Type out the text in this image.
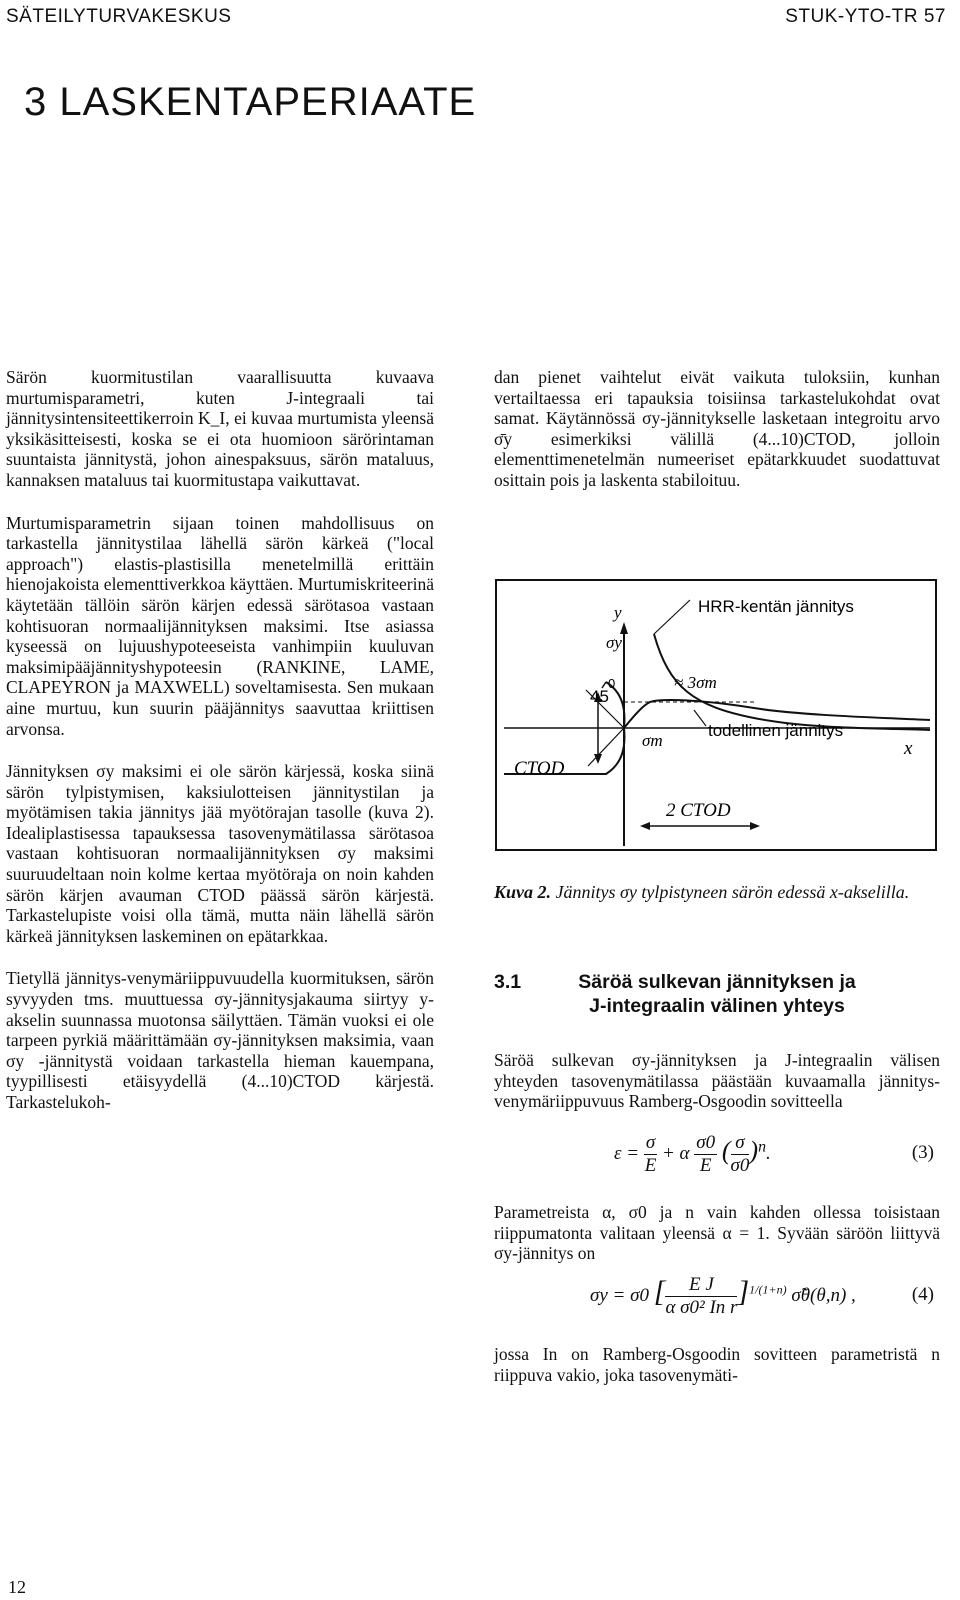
SÄTEILYTURVAKESKUS	STUK-YTO-TR 57
3 LASKENTAPERIAATE

Särön kuormitustilan vaarallisuutta kuvaava murtumisparametri, kuten J-integraali tai jännitysintensiteettikerroin K_I, ei kuvaa murtumista yleensä yksikäsitteisesti, koska se ei ota huomioon särörintaman suuntaista jännitystä, johon ainespaksuus, särön mataluus, kannaksen mataluus tai kuormitustapa vaikuttavat.

Murtumisparametrin sijaan toinen mahdollisuus on tarkastella jännitystilaa lähellä särön kärkeä ("local approach") elastis-plastisilla menetelmillä erittäin hienojakoista elementtiverkkoa käyttäen. Murtumiskriteerinä käytetään tällöin särön kärjen edessä särötasoa vastaan kohtisuoran normaalijännityksen maksimi. Itse asiassa kyseessä on lujuushypoteeseista vanhimpiin kuuluvan maksimipääjännityshypoteesin (RANKINE, LAME, CLAPEYRON ja MAXWELL) soveltamisesta. Sen mukaan aine murtuu, kun suurin pääjännitys saavuttaa kriittisen arvonsa.

Jännityksen σy maksimi ei ole särön kärjessä, koska siinä särön tylpistymisen, kaksiulotteisen jännitystilan ja myötämisen takia jännitys jää myötörajan tasolle (kuva 2). Idealiplastisessa tapauksessa tasovenymätilassa särötasoa vastaan kohtisuoran normaalijännityksen σy maksimi suuruudeltaan noin kolme kertaa myötöraja on noin kahden särön kärjen avauman CTOD päässä särön kärjestä. Tarkastelupiste voisi olla tämä, mutta näin lähellä särön kärkeä jännityksen laskeminen on epätarkkaa.

Tietyllä jännitys-venymäriippuvuudella kuormituksen, särön syvyyden tms. muuttuessa σy-jännitysjakauma siirtyy y-akselin suunnassa muotonsa säilyttäen. Tämän vuoksi ei ole tarpeen pyrkiä määrittämään σy-jännityksen maksimia, vaan σy -jännitystä voidaan tarkastella hieman kauempana, tyypillisesti etäisyydellä (4...10)CTOD kärjestä. Tarkastelukoh-

dan pienet vaihtelut eivät vaikuta tuloksiin, kunhan vertailtaessa eri tapauksia toisiinsa tarkastelukohdat ovat samat. Käytännössä σy-jännitykselle lasketaan integroitu arvo σ̄y esimerkiksi välillä (4...10)CTOD, jolloin elementtimenetelmän numeeriset epätarkkuudet suodattuvat osittain pois ja laskenta stabiloituu.

HRR-kentän jännitys
todellinen jännitys
y
σy
45
0	≈ 3σm
σm
CTOD
2 CTOD
x
Kuva 2. Jännitys σy tylpistyneen särön edessä x-akselilla.
3.1	Säröä sulkevan jännityksen ja
J-integraalin välinen yhteys
Säröä sulkevan σy-jännityksen ja J-integraalin välisen yhteyden tasovenymätilassa päästään kuvaamalla jännitys-venymäriippuvuus Ramberg-Osgoodin sovitteella
$\varepsilon = \frac{\sigma}{E} + \alpha \frac{\sigma 0}{E}$ ( $\frac{\sigma}{\sigma 0} )^n$.	(3)
Parametreista α, σ0 ja n vain kahden ollessa toisistaan riippumatonta valitaan yleensä α = 1. Syvään säröön liittyvä σy-jännitys on
σy = σ0 [ $\frac{\text{E J}}{\text{α σ0² In r}} ]^{1/(1+n)}$ σ̃θ(θ,n) ,	(4)
jossa In on Ramberg-Osgoodin sovitteen parametristä n riippuva vakio, joka tasovenymäti-
12
